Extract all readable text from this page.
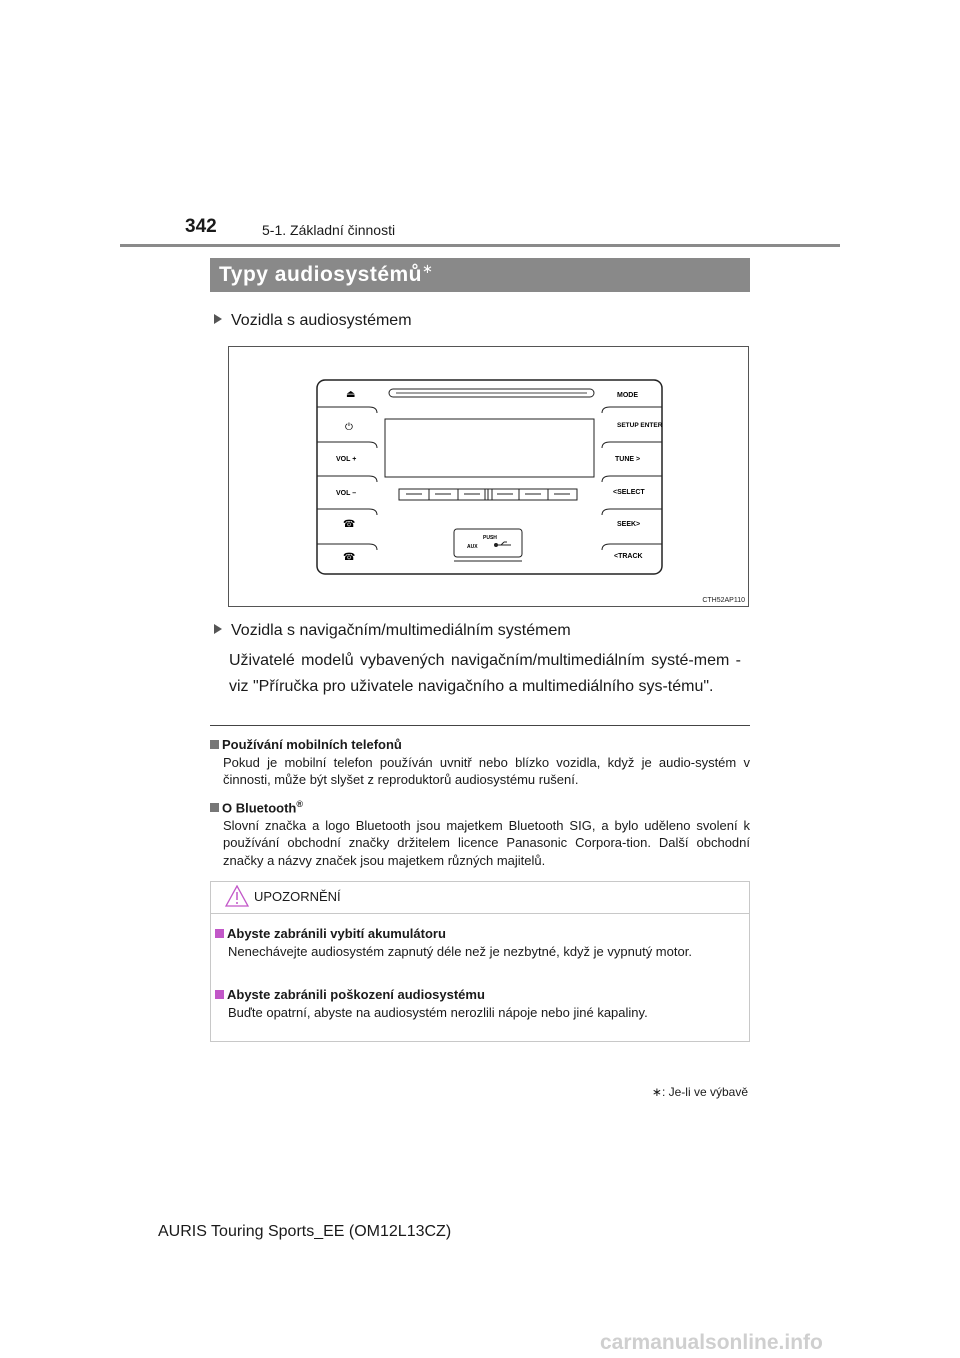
342	5-1. Základní činnosti
Typy audiosystémů∗
Vozidla s audiosystémem
⏏
⏻
VOL +
VOL –
☎
☎
MODE
SETUP ENTER
TUNE >
<SELECT
SEEK>
<TRACK
PUSH
AUX
CTH52AP110
Vozidla s navigačním/multimediálním systémem
Uživatelé modelů vybavených navigačním/multimediálním systé-mem - viz "Příručka pro uživatele navigačního a multimediálního sys-tému".
Používání mobilních telefonů
Pokud je mobilní telefon používán uvnitř nebo blízko vozidla, když je audio-systém v činnosti, může být slyšet z reproduktorů audiosystému rušení.
O Bluetooth®
Slovní značka a logo Bluetooth jsou majetkem Bluetooth SIG, a bylo uděleno svolení k používání obchodní značky držitelem licence Panasonic Corpora-tion. Další obchodní značky a názvy značek jsou majetkem různých majitelů.
UPOZORNĚNÍ
Abyste zabránili vybití akumulátoru
Nenechávejte audiosystém zapnutý déle než je nezbytné, když je vypnutý motor.
Abyste zabránili poškození audiosystému
Buďte opatrní, abyste na audiosystém nerozlili nápoje nebo jiné kapaliny.
∗: Je-li ve výbavě
AURIS Touring Sports_EE (OM12L13CZ)
carmanualsonline.info
